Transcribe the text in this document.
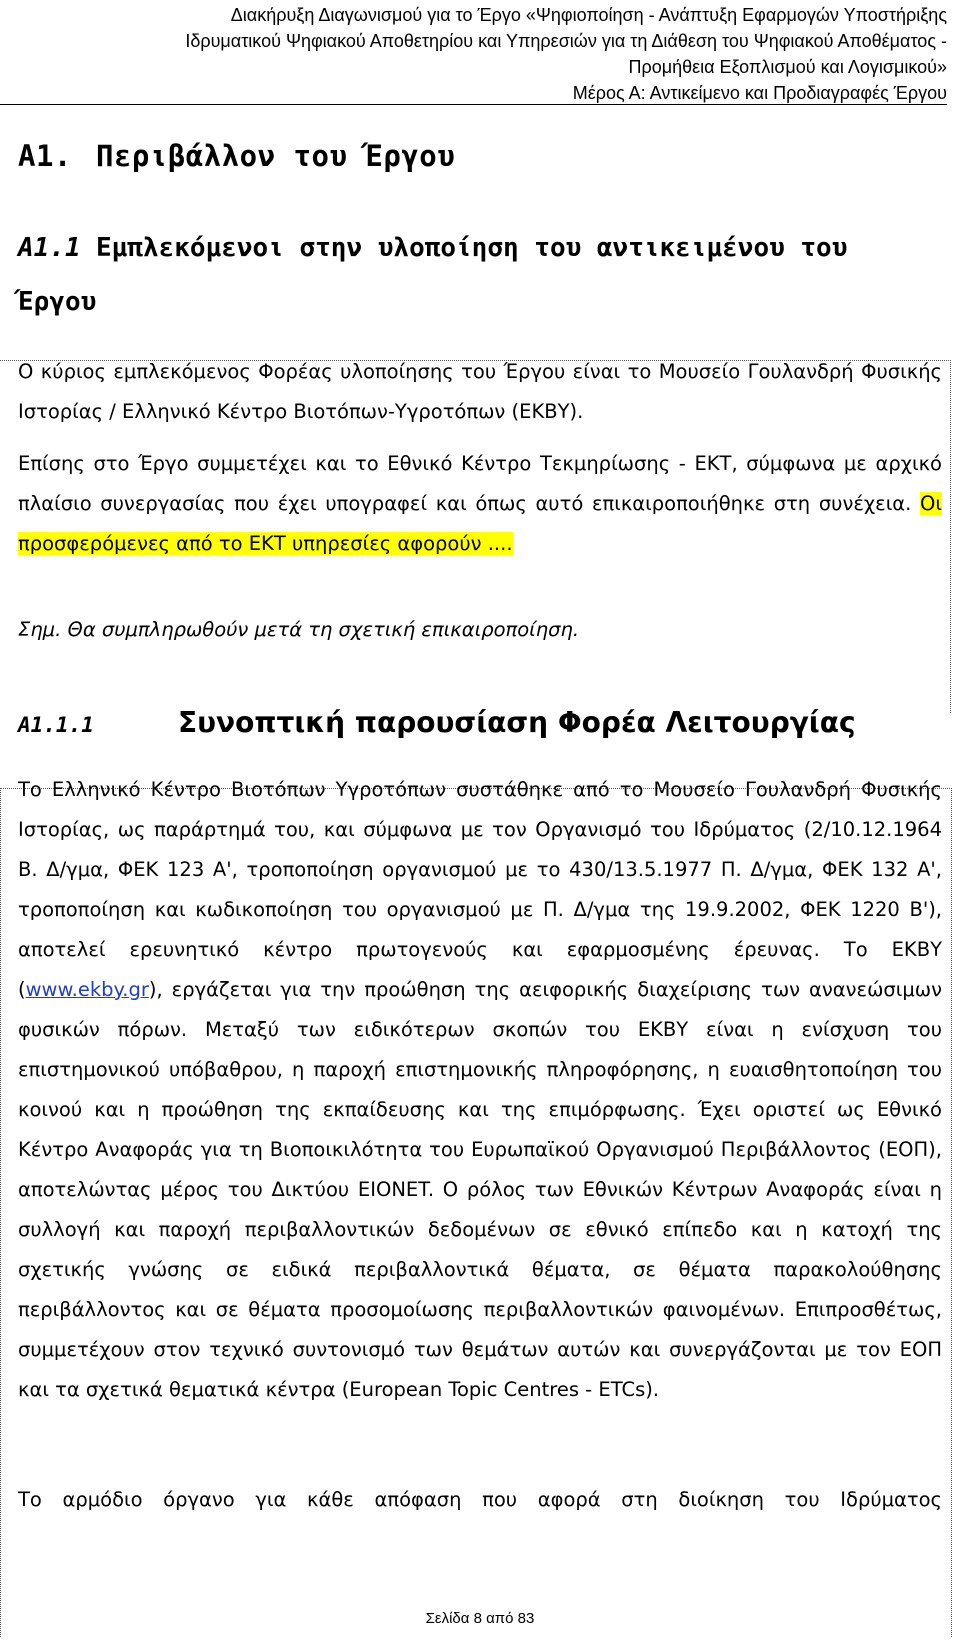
Διακήρυξη Διαγωνισμού για το Έργο «Ψηφιοποίηση - Ανάπτυξη Εφαρμογών Υποστήριξης
Ιδρυματικού Ψηφιακού Αποθετηρίου και Υπηρεσιών για τη Διάθεση του Ψηφιακού Αποθέματος -
Προμήθεια Εξοπλισμού και Λογισμικού»
Μέρος Α: Αντικείμενο και Προδιαγραφές Έργου
A1. Περιβάλλον του Έργου
A1.1 Εμπλεκόμενοι στην υλοποίηση του αντικειμένου του Έργου
Ο κύριος εμπλεκόμενος Φορέας υλοποίησης του Έργου είναι το Μουσείο Γουλανδρή Φυσικής Ιστορίας / Ελληνικό Κέντρο Βιοτόπων-Υγροτόπων (ΕΚΒΥ).
Επίσης στο Έργο συμμετέχει και το Εθνικό Κέντρο Τεκμηρίωσης - ΕΚΤ, σύμφωνα με αρχικό πλαίσιο συνεργασίας που έχει υπογραφεί και όπως αυτό επικαιροποιήθηκε στη συνέχεια. Οι προσφερόμενες από το ΕΚΤ υπηρεσίες αφορούν ....
Σημ. Θα συμπληρωθούν μετά τη σχετική επικαιροποίηση.
A1.1.1	Συνοπτική παρουσίαση Φορέα Λειτουργίας
Το Ελληνικό Κέντρο Βιοτόπων Υγροτόπων συστάθηκε από το Μουσείο Γουλανδρή Φυσικής Ιστορίας, ως παράρτημά του, και σύμφωνα με τον Οργανισμό του Ιδρύματος (2/10.12.1964 Β. Δ/γμα, ΦΕΚ 123 Α', τροποποίηση οργανισμού με το 430/13.5.1977 Π. Δ/γμα, ΦΕΚ 132 Α', τροποποίηση και κωδικοποίηση του οργανισμού με Π. Δ/γμα της 19.9.2002, ΦΕΚ 1220 Β'), αποτελεί ερευνητικό κέντρο πρωτογενούς και εφαρμοσμένης έρευνας. Το ΕΚΒΥ (www.ekby.gr), εργάζεται για την προώθηση της αειφορικής διαχείρισης των ανανεώσιμων φυσικών πόρων. Μεταξύ των ειδικότερων σκοπών του ΕΚΒΥ είναι η ενίσχυση του επιστημονικού υπόβαθρου, η παροχή επιστημονικής πληροφόρησης, η ευαισθητοποίηση του κοινού και η προώθηση της εκπαίδευσης και της επιμόρφωσης. Έχει οριστεί ως Εθνικό Κέντρο Αναφοράς για τη Βιοποικιλότητα του Ευρωπαϊκού Οργανισμού Περιβάλλοντος (ΕΟΠ), αποτελώντας μέρος του Δικτύου EIONET. Ο ρόλος των Εθνικών Κέντρων Αναφοράς είναι η συλλογή και παροχή περιβαλλοντικών δεδομένων σε εθνικό επίπεδο και η κατοχή της σχετικής γνώσης σε ειδικά περιβαλλοντικά θέματα, σε θέματα παρακολούθησης περιβάλλοντος και σε θέματα προσομοίωσης περιβαλλοντικών φαινομένων. Επιπροσθέτως, συμμετέχουν στον τεχνικό συντονισμό των θεμάτων αυτών και συνεργάζονται με τον ΕΟΠ και τα σχετικά θεματικά κέντρα (European Topic Centres - ETCs).
Το αρμόδιο όργανο για κάθε απόφαση που αφορά στη διοίκηση του Ιδρύματος
Σελίδα 8 από 83
